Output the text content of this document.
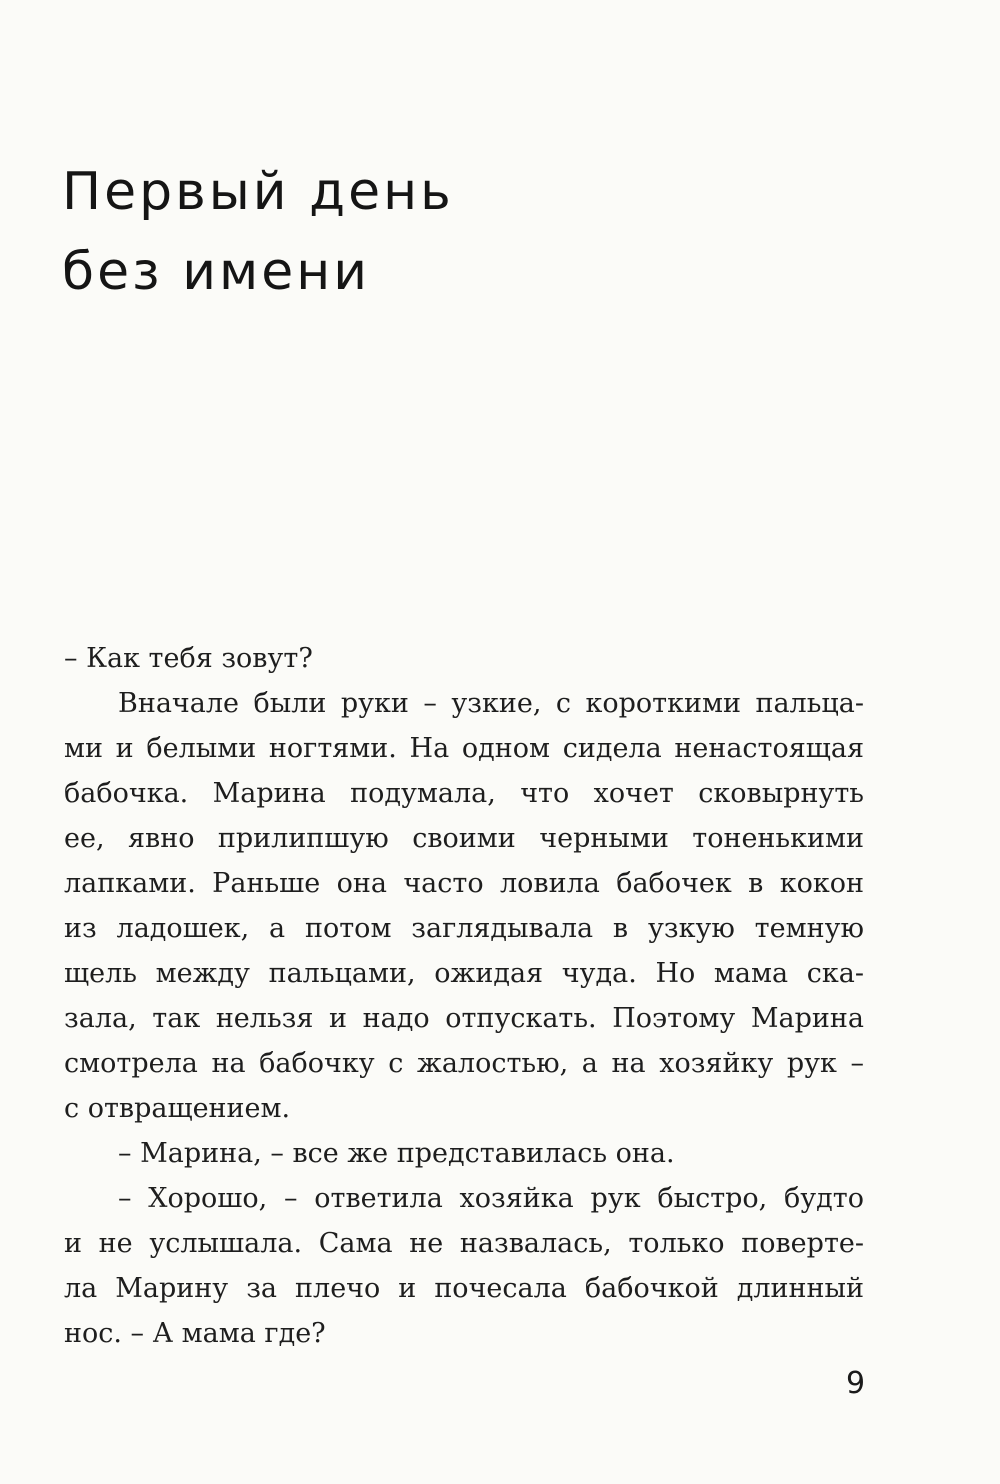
Первый день
без имени
– Как тебя зовут?
Вначале были руки – узкие, с короткими пальца-
ми и белыми ногтями. На одном сидела ненастоящая
бабочка. Марина подумала, что хочет сковырнуть
ее, явно прилипшую своими черными тоненькими
лапками. Раньше она часто ловила бабочек в кокон
из ладошек, а потом заглядывала в узкую темную
щель между пальцами, ожидая чуда. Но мама ска-
зала, так нельзя и надо отпускать. Поэтому Марина
смотрела на бабочку с жалостью, а на хозяйку рук –
с отвращением.
– Марина, – все же представилась она.
– Хорошо, – ответила хозяйка рук быстро, будто
и не услышала. Сама не назвалась, только поверте-
ла Марину за плечо и почесала бабочкой длинный
нос. – А мама где?
9
